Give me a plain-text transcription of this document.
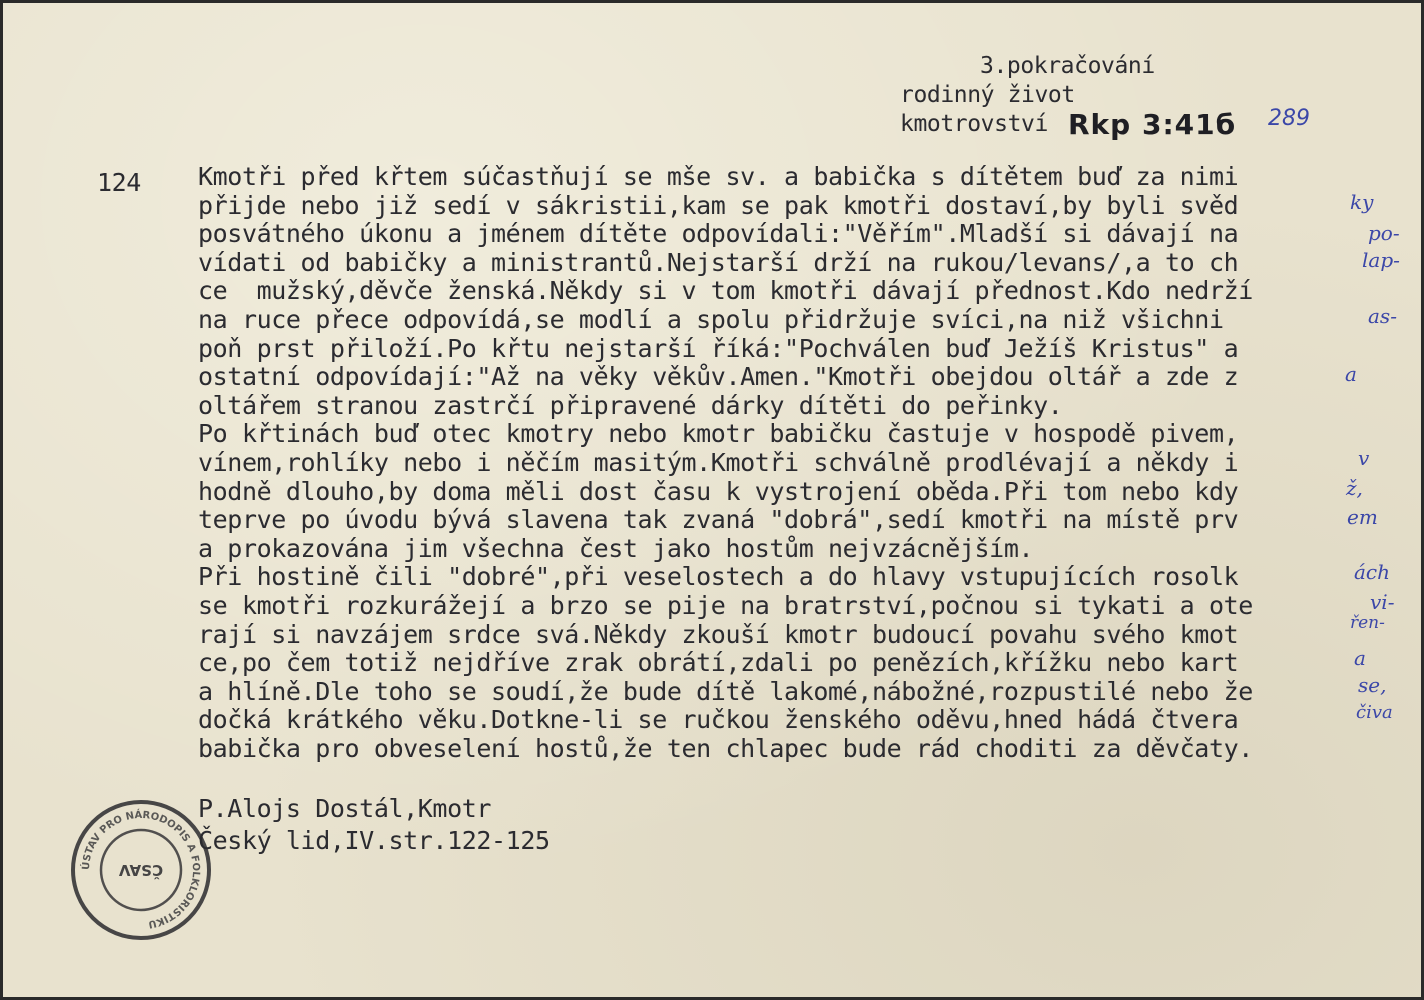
3.pokračování
rodinný život
kmotrovství Rkp 3:41б 289
124 Kmotři před křtem súčastňují se mše sv. a babička s dítětem buď za nimi
přijde nebo již sedí v sákristii,kam se pak kmotři dostaví,by byli svěd
posvátného úkonu a jménem dítěte odpovídali:"Věřím".Mladší si dávají na
vídati od babičky a ministrantů.Nejstarší drží na rukou/levans/,a to ch
ce  mužský,děvče ženská.Někdy si v tom kmotři dávají přednost.Kdo nedrží
na ruce přece odpovídá,se modlí a spolu přidržuje svíci,na niž všichni
poň prst přiloží.Po křtu nejstarší říká:"Pochválen buď Ježíš Kristus" a
ostatní odpovídají:"Až na věky věkův.Amen."Kmotři obejdou oltář a zde z
oltářem stranou zastrčí připravené dárky dítěti do peřinky.
Po křtinách buď otec kmotry nebo kmotr babičku častuje v hospodě pivem,
vínem,rohlíky nebo i něčím masitým.Kmotři schválně prodlévají a někdy i
hodně dlouho,by doma měli dost času k vystrojení oběda.Při tom nebo kdy
teprve po úvodu bývá slavena tak zvaná "dobrá",sedí kmotři na místě prv
a prokazována jim všechna čest jako hostům nejvzácnějším.
Při hostině čili "dobré",při veselostech a do hlavy vstupujících rosolk
se kmotři rozkurážejí a brzo se pije na bratrství,počnou si tykati a ote
rají si navzájem srdce svá.Někdy zkouší kmotr budoucí povahu svého kmot
ce,po čem totiž nejdříve zrak obrátí,zdali po penězích,křížku nebo kart
a hlíně.Dle toho se soudí,že bude dítě lakomé,nábožné,rozpustilé nebo že
dočká krátkého věku.Dotkne-li se ručkou ženského oděvu,hned hádá čtvera
babička pro obveselení hostů,že ten chlapec bude rád choditi za děvčaty.
ky
po-
lap-
as-
a
v
ž,
em
ách
vi-
řen-
a
se,
čiva
P.Alojs Dostál,Kmotr
Český lid,IV.str.122-125
ÚSTAV PRO NÁRODOPIS A FOLKLORISTIKU
ČSAV
